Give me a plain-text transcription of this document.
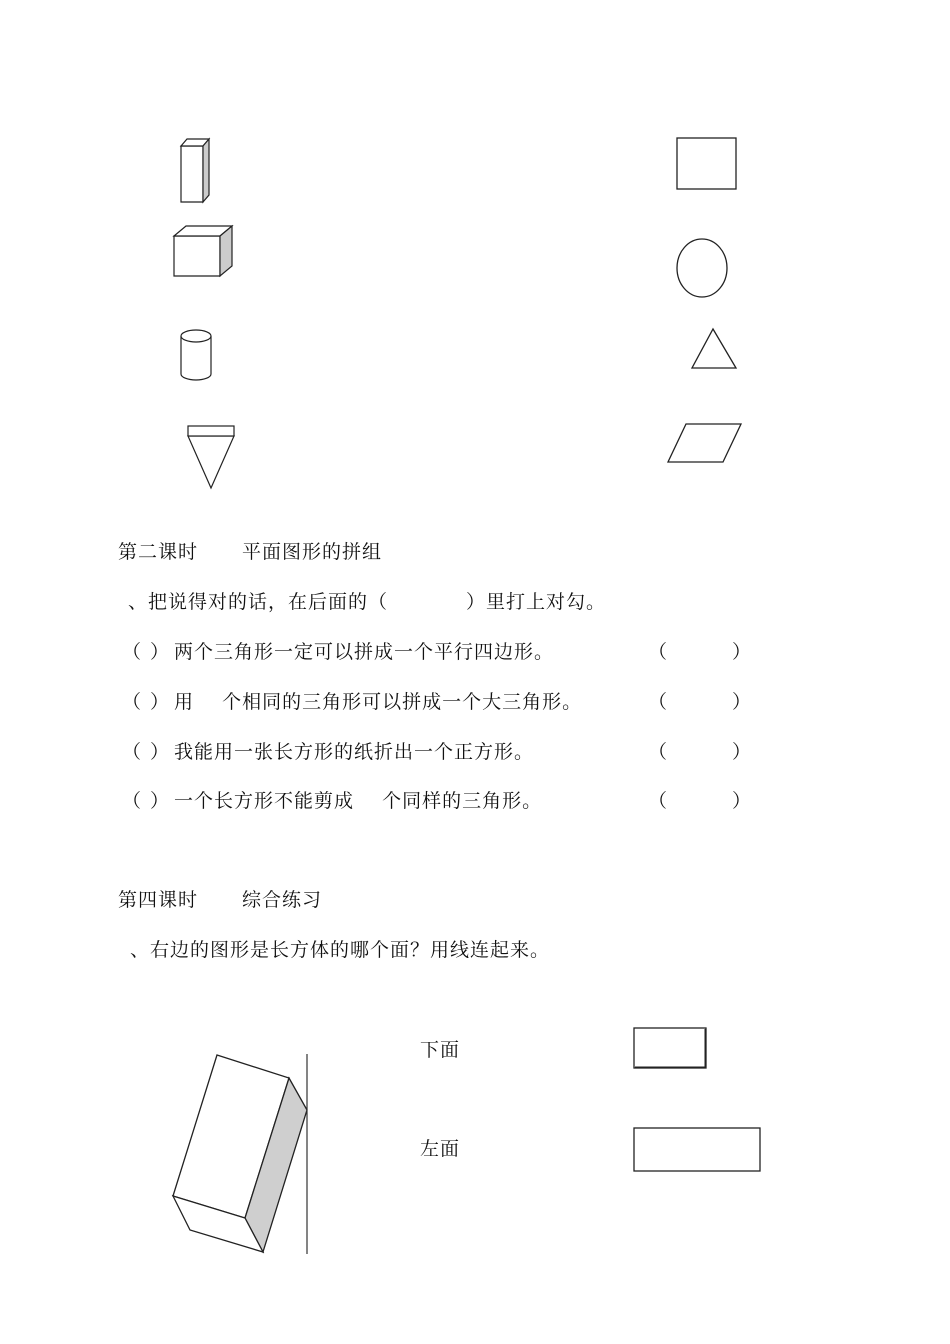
第二课时 平面图形的拼组
、把说得对的话，在后面的（	）里打上对勾。
（ ） 两个三角形一定可以拼成一个平行四边形。	（	）
（ ） 用    个相同的三角形可以拼成一个大三角形。	（	）
（ ） 我能用一张长方形的纸折出一个正方形。	（	）
（ ） 一个长方形不能剪成    个同样的三角形。	（	）
第四课时 综合练习
、右边的图形是长方体的哪个面？用线连起来。
下面
左面
